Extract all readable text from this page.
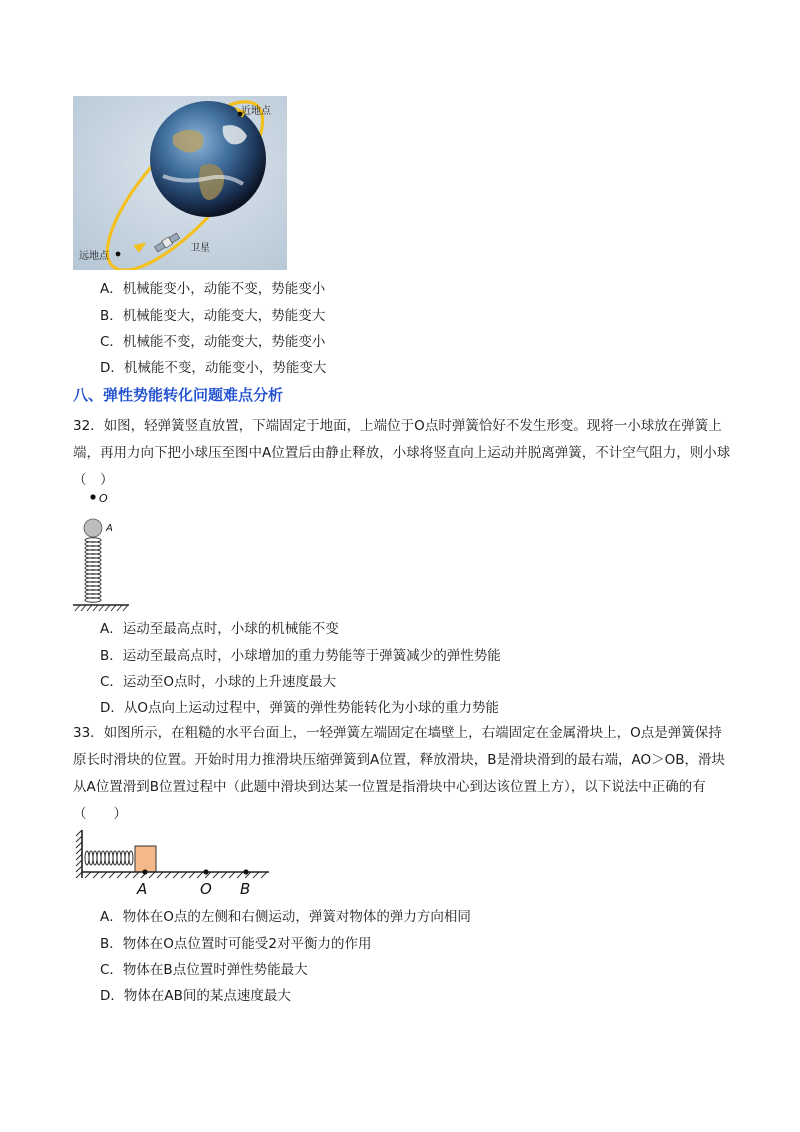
近地点
远地点
卫星
A．机械能变小，动能不变，势能变小
B．机械能变大，动能变大，势能变大
C．机械能不变，动能变大，势能变小
D．机械能不变，动能变小，势能变大
八、弹性势能转化问题难点分析
32．如图，轻弹簧竖直放置，下端固定于地面，上端位于O点时弹簧恰好不发生形变。现将一小球放在弹簧上端，再用力向下把小球压至图中A位置后由静止释放，小球将竖直向上运动并脱离弹簧，不计空气阻力，则小球（　）
O
A
A．运动至最高点时，小球的机械能不变
B．运动至最高点时，小球增加的重力势能等于弹簧减少的弹性势能
C．运动至O点时，小球的上升速度最大
D．从O点向上运动过程中，弹簧的弹性势能转化为小球的重力势能
33．如图所示，在粗糙的水平台面上，一轻弹簧左端固定在墙壁上，右端固定在金属滑块上，O点是弹簧保持原长时滑块的位置。开始时用力推滑块压缩弹簧到A位置，释放滑块，B是滑块滑到的最右端，AO＞OB，滑块从A位置滑到B位置过程中（此题中滑块到达某一位置是指滑块中心到达该位置上方），以下说法中正确的有（　　）
A	O B
A．物体在O点的左侧和右侧运动，弹簧对物体的弹力方向相同
B．物体在O点位置时可能受2对平衡力的作用
C．物体在B点位置时弹性势能最大
D．物体在AB间的某点速度最大
